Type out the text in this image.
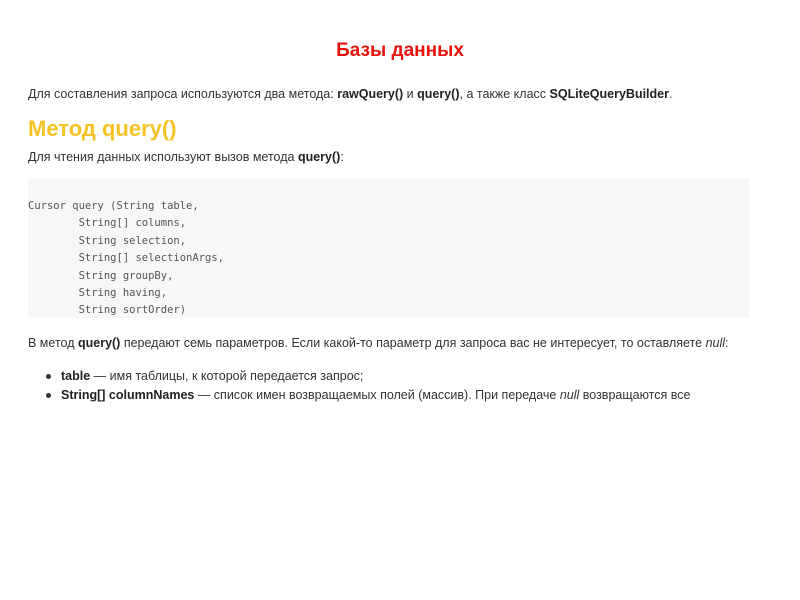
Базы данных

Для составления запроса используются два метода: rawQuery() и query(), а также класс SQLiteQueryBuilder.

Метод query()

Для чтения данных используют вызов метода query():

Cursor query (String table,
String[] columns,
String selection,
String[] selectionArgs,
String groupBy,
String having,
String sortOrder)

В метод query() передают семь параметров. Если какой-то параметр для запроса вас не интересует, то оставляете null:

table — имя таблицы, к которой передается запрос;
String[] columnNames — список имен возвращаемых полей (массив). При передаче null возвращаются все
